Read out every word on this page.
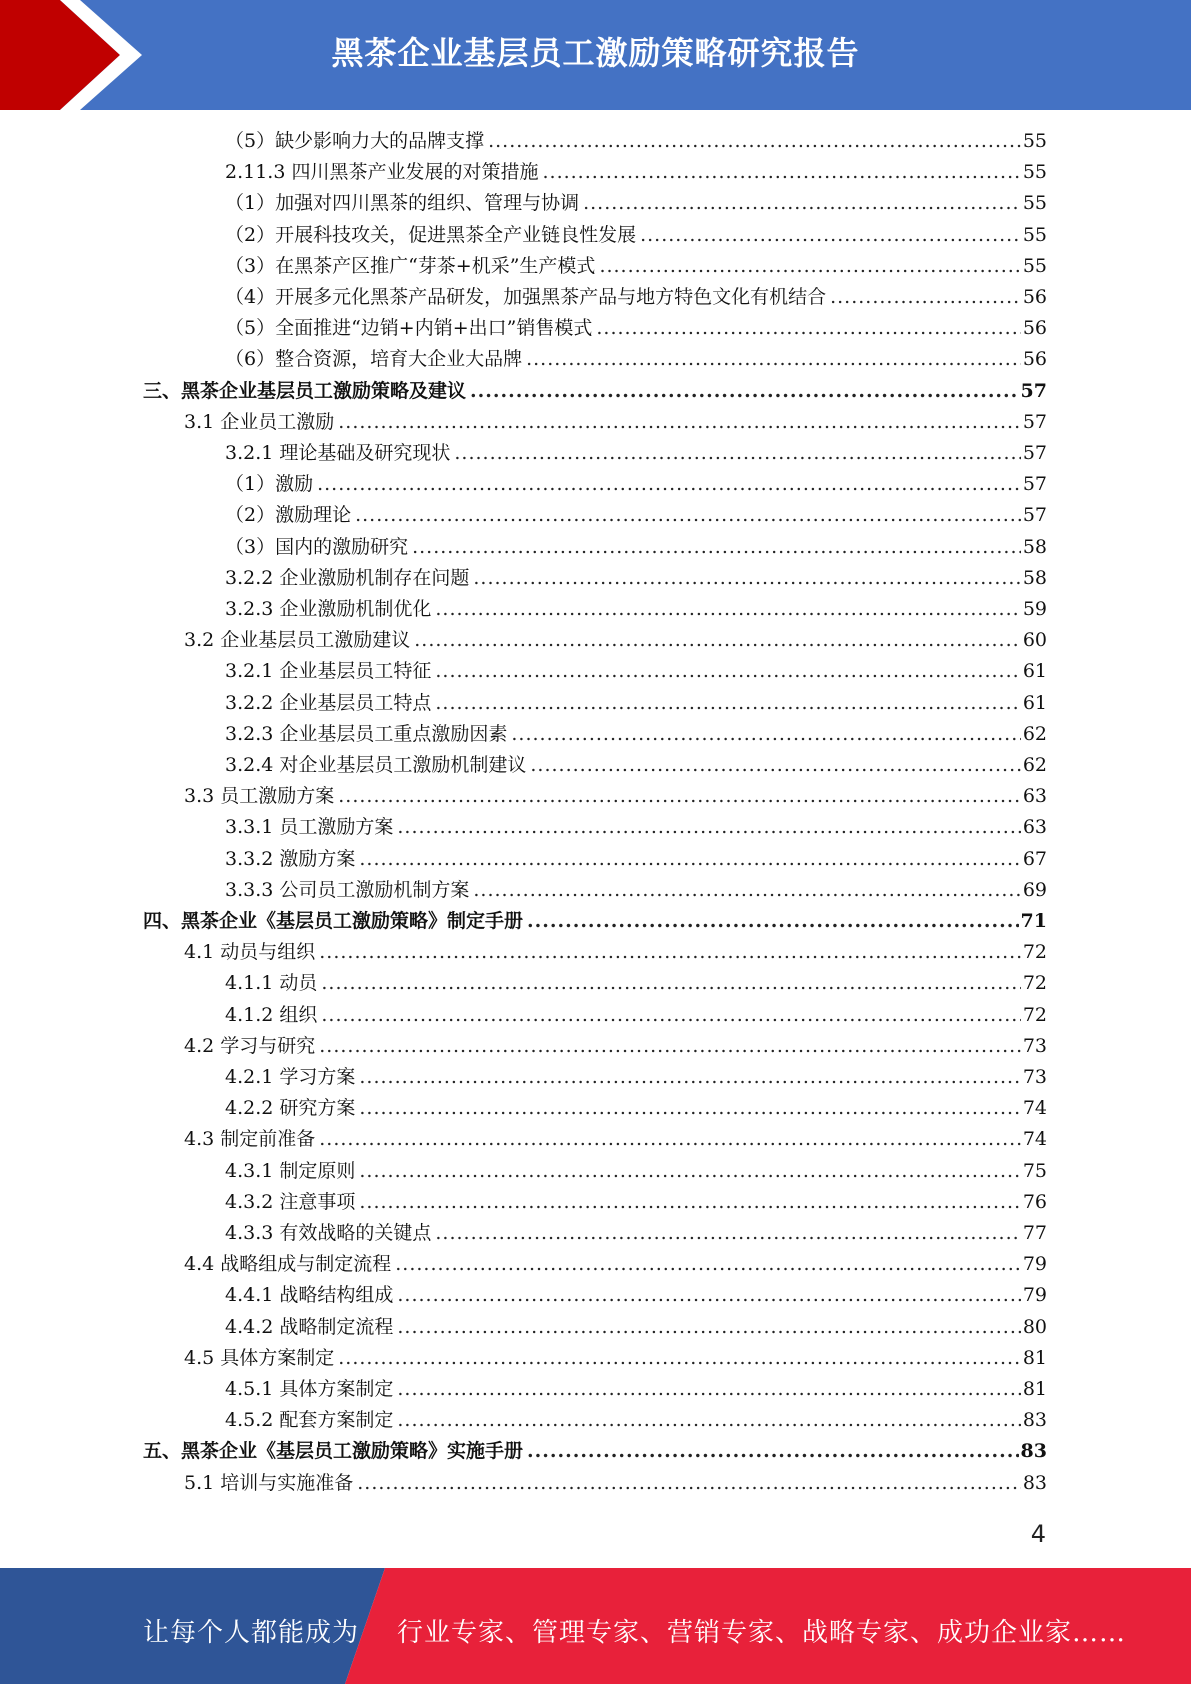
黑茶企业基层员工激励策略研究报告
（5）缺少影响力大的品牌支撑 .....	55
2.11.3 四川黑茶产业发展的对策措施 .....	55
（1）加强对四川黑茶的组织、管理与协调 .....	55
（2）开展科技攻关，促进黑茶全产业链良性发展 .....	55
（3）在黑茶产区推广“芽茶+机采”生产模式 .....	55
（4）开展多元化黑茶产品研发，加强黑茶产品与地方特色文化有机结合 .....	56
（5）全面推进“边销+内销+出口”销售模式 .....	56
（6）整合资源，培育大企业大品牌 .....	56
三、黑茶企业基层员工激励策略及建议 .....	57
3.1 企业员工激励 .....	57
3.2.1 理论基础及研究现状 .....	57
（1）激励 .....	57
（2）激励理论 .....	57
（3）国内的激励研究 .....	58
3.2.2 企业激励机制存在问题 .....	58
3.2.3 企业激励机制优化 .....	59
3.2 企业基层员工激励建议 .....	60
3.2.1 企业基层员工特征 .....	61
3.2.2 企业基层员工特点 .....	61
3.2.3 企业基层员工重点激励因素 .....	62
3.2.4 对企业基层员工激励机制建议 .....	62
3.3 员工激励方案 .....	63
3.3.1 员工激励方案 .....	63
3.3.2 激励方案 .....	67
3.3.3 公司员工激励机制方案 .....	69
四、黑茶企业《基层员工激励策略》制定手册 .....	71
4.1 动员与组织 .....	72
4.1.1 动员 .....	72
4.1.2 组织 .....	72
4.2 学习与研究 .....	73
4.2.1 学习方案 .....	73
4.2.2 研究方案 .....	74
4.3 制定前准备 .....	74
4.3.1 制定原则 .....	75
4.3.2 注意事项 .....	76
4.3.3 有效战略的关键点 .....	77
4.4 战略组成与制定流程 .....	79
4.4.1 战略结构组成 .....	79
4.4.2 战略制定流程 .....	80
4.5 具体方案制定 .....	81
4.5.1 具体方案制定 .....	81
4.5.2 配套方案制定 .....	83
五、黑茶企业《基层员工激励策略》实施手册 .....	83
5.1 培训与实施准备 .....	83
4
让每个人都能成为 行业专家、管理专家、营销专家、战略专家、成功企业家……
